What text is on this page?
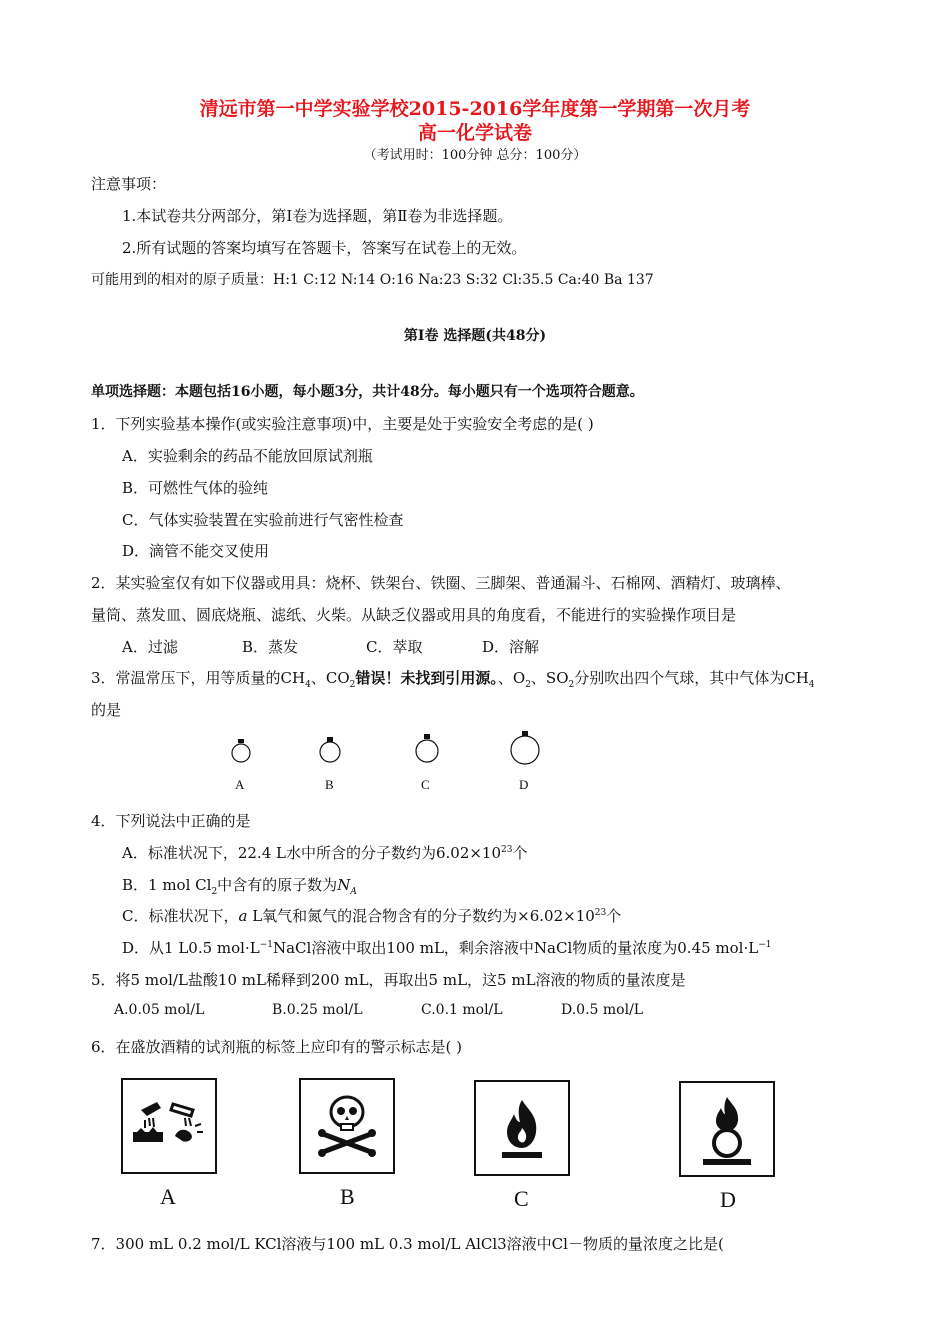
清远市第一中学实验学校2015-2016学年度第一学期第一次月考
高一化学试卷
（考试用时：100分钟 总分：100分）
注意事项：
1.本试卷共分两部分，第Ⅰ卷为选择题，第Ⅱ卷为非选择题。
2.所有试题的答案均填写在答题卡，答案写在试卷上的无效。
可能用到的相对的原子质量：H:1 C:12 N:14 O:16 Na:23 S:32 Cl:35.5 Ca:40 Ba 137
第Ⅰ卷 选择题(共48分)
单项选择题：本题包括16小题，每小题3分，共计48分。每小题只有一个选项符合题意。
1．下列实验基本操作(或实验注意事项)中，主要是处于实验安全考虑的是( )
A．实验剩余的药品不能放回原试剂瓶
B．可燃性气体的验纯
C．气体实验装置在实验前进行气密性检查
D．滴管不能交叉使用
2．某实验室仅有如下仪器或用具：烧杯、铁架台、铁圈、三脚架、普通漏斗、石棉网、酒精灯、玻璃棒、
量筒、蒸发皿、圆底烧瓶、滤纸、火柴。从缺乏仪器或用具的角度看，不能进行的实验操作项目是
A．过滤	B．蒸发	C．萃取	D．溶解
3．常温常压下，用等质量的$CH_4$、$CO_2$错误！未找到引用源。、$O_2$、$SO_2$分别吹出四个气球，其中气体为$CH_4$
的是
A	B	C	D
4．下列说法中正确的是
A．标准状况下，22.4 L水中所含的分子数约为$6.02\times 10^{23}$个
B．1 mol $Cl_2$中含有的原子数为$N_A$
C．标准状况下，a L氧气和氮气的混合物含有的分子数约为$\times 6.02\times 10^{23}$个
D．从1 L0.5 $mol\cdot L^{-1}NaCl$溶液中取出100 mL，剩余溶液中NaCl物质的量浓度为0.45 $mol\cdot L^{-1}$
5．将5 mol/L盐酸10 mL稀释到200 mL，再取出5 mL，这5 mL溶液的物质的量浓度是
A.0.05 mol/L	B.0.25 mol/L	C.0.1 mol/L	D.0.5 mol/L
6．在盛放酒精的试剂瓶的标签上应印有的警示标志是( )
A	B	C	D
7．300 mL 0.2 mol/L KCl溶液与100 mL 0.3 mol/L AlCl3溶液中Cl－物质的量浓度之比是(
